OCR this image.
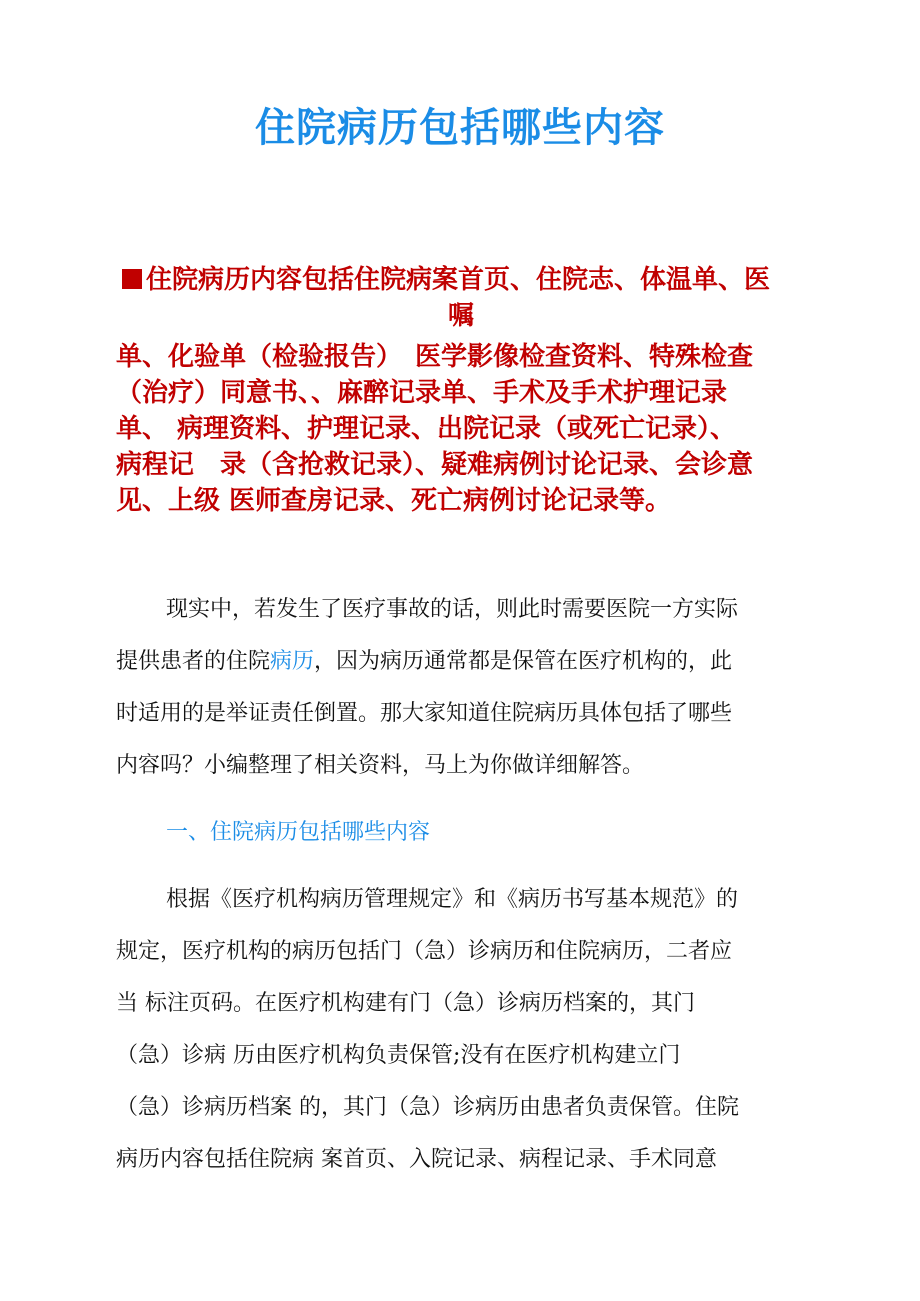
住院病历包括哪些内容
住院病历内容包括住院病案首页、住院志、体温单、医
嘱
单、化验单（检验报告）　医学影像检查资料、特殊检查
（治疗）同意书、、麻醉记录单、手术及手术护理记录
单、 病理资料、护理记录、出院记录（或死亡记录）、
病程记　录（含抢救记录）、疑难病例讨论记录、会诊意
见、上级 医师查房记录、死亡病例讨论记录等。
现实中，若发生了医疗事故的话，则此时需要医院一方实际
提供患者的住院病历，因为病历通常都是保管在医疗机构的，此
时适用的是举证责任倒置。那大家知道住院病历具体包括了哪些
内容吗？小编整理了相关资料，马上为你做详细解答。
一、住院病历包括哪些内容
根据《医疗机构病历管理规定》和《病历书写基本规范》的
规定，医疗机构的病历包括门（急）诊病历和住院病历，二者应
当 标注页码。在医疗机构建有门（急）诊病历档案的，其门
（急）诊病 历由医疗机构负责保管;没有在医疗机构建立门
（急）诊病历档案 的，其门（急）诊病历由患者负责保管。住院
病历内容包括住院病 案首页、入院记录、病程记录、手术同意
